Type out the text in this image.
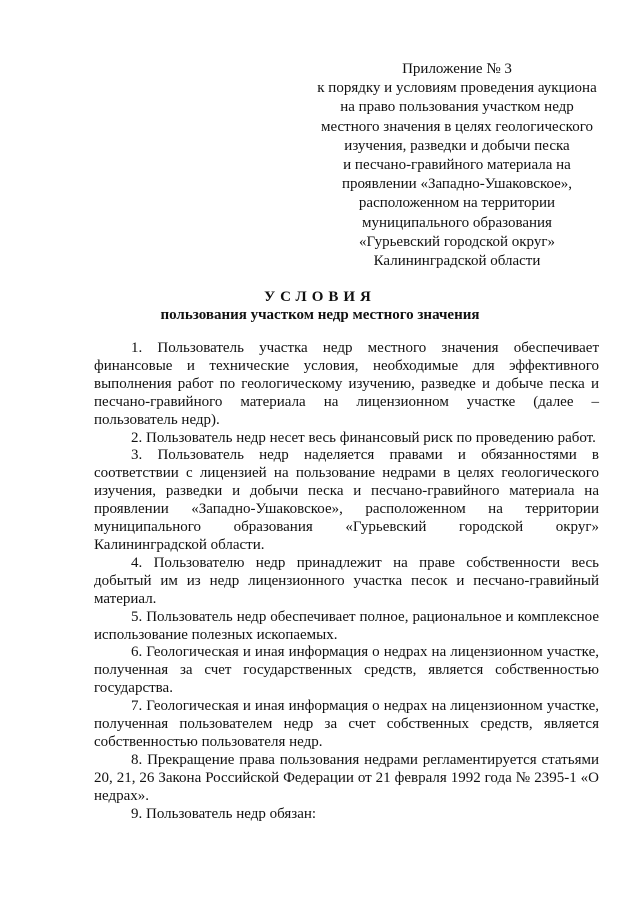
Приложение № 3
к порядку и условиям проведения аукциона
на право пользования участком недр
местного значения в целях геологического
изучения, разведки и добычи песка
и песчано-гравийного материала на
проявлении «Западно-Ушаковское»,
расположенном на территории
муниципального образования
«Гурьевский городской округ»
Калининградской области
УСЛОВИЯ
пользования участком недр местного значения

1. Пользователь участка недр местного значения обеспечивает финансовые и технические условия, необходимые для эффективного выполнения работ по геологическому изучению, разведке и добыче песка и песчано-гравийного материала на лицензионном участке (далее – пользователь недр).

2. Пользователь недр несет весь финансовый риск по проведению работ.

3. Пользователь недр наделяется правами и обязанностями в соответствии с лицензией на пользование недрами в целях геологического изучения, разведки и добычи песка и песчано-гравийного материала на проявлении «Западно-Ушаковское», расположенном на территории муниципального образования «Гурьевский городской округ» Калининградской области.

4. Пользователю недр принадлежит на праве собственности весь добытый им из недр лицензионного участка песок и песчано-гравийный материал.

5. Пользователь недр обеспечивает полное, рациональное и комплексное использование полезных ископаемых.

6. Геологическая и иная информация о недрах на лицензионном участке, полученная за счет государственных средств, является собственностью государства.

7. Геологическая и иная информация о недрах на лицензионном участке, полученная пользователем недр за счет собственных средств, является собственностью пользователя недр.

8. Прекращение права пользования недрами регламентируется статьями 20, 21, 26 Закона Российской Федерации от 21 февраля 1992 года № 2395-1 «О недрах».

9. Пользователь недр обязан:
